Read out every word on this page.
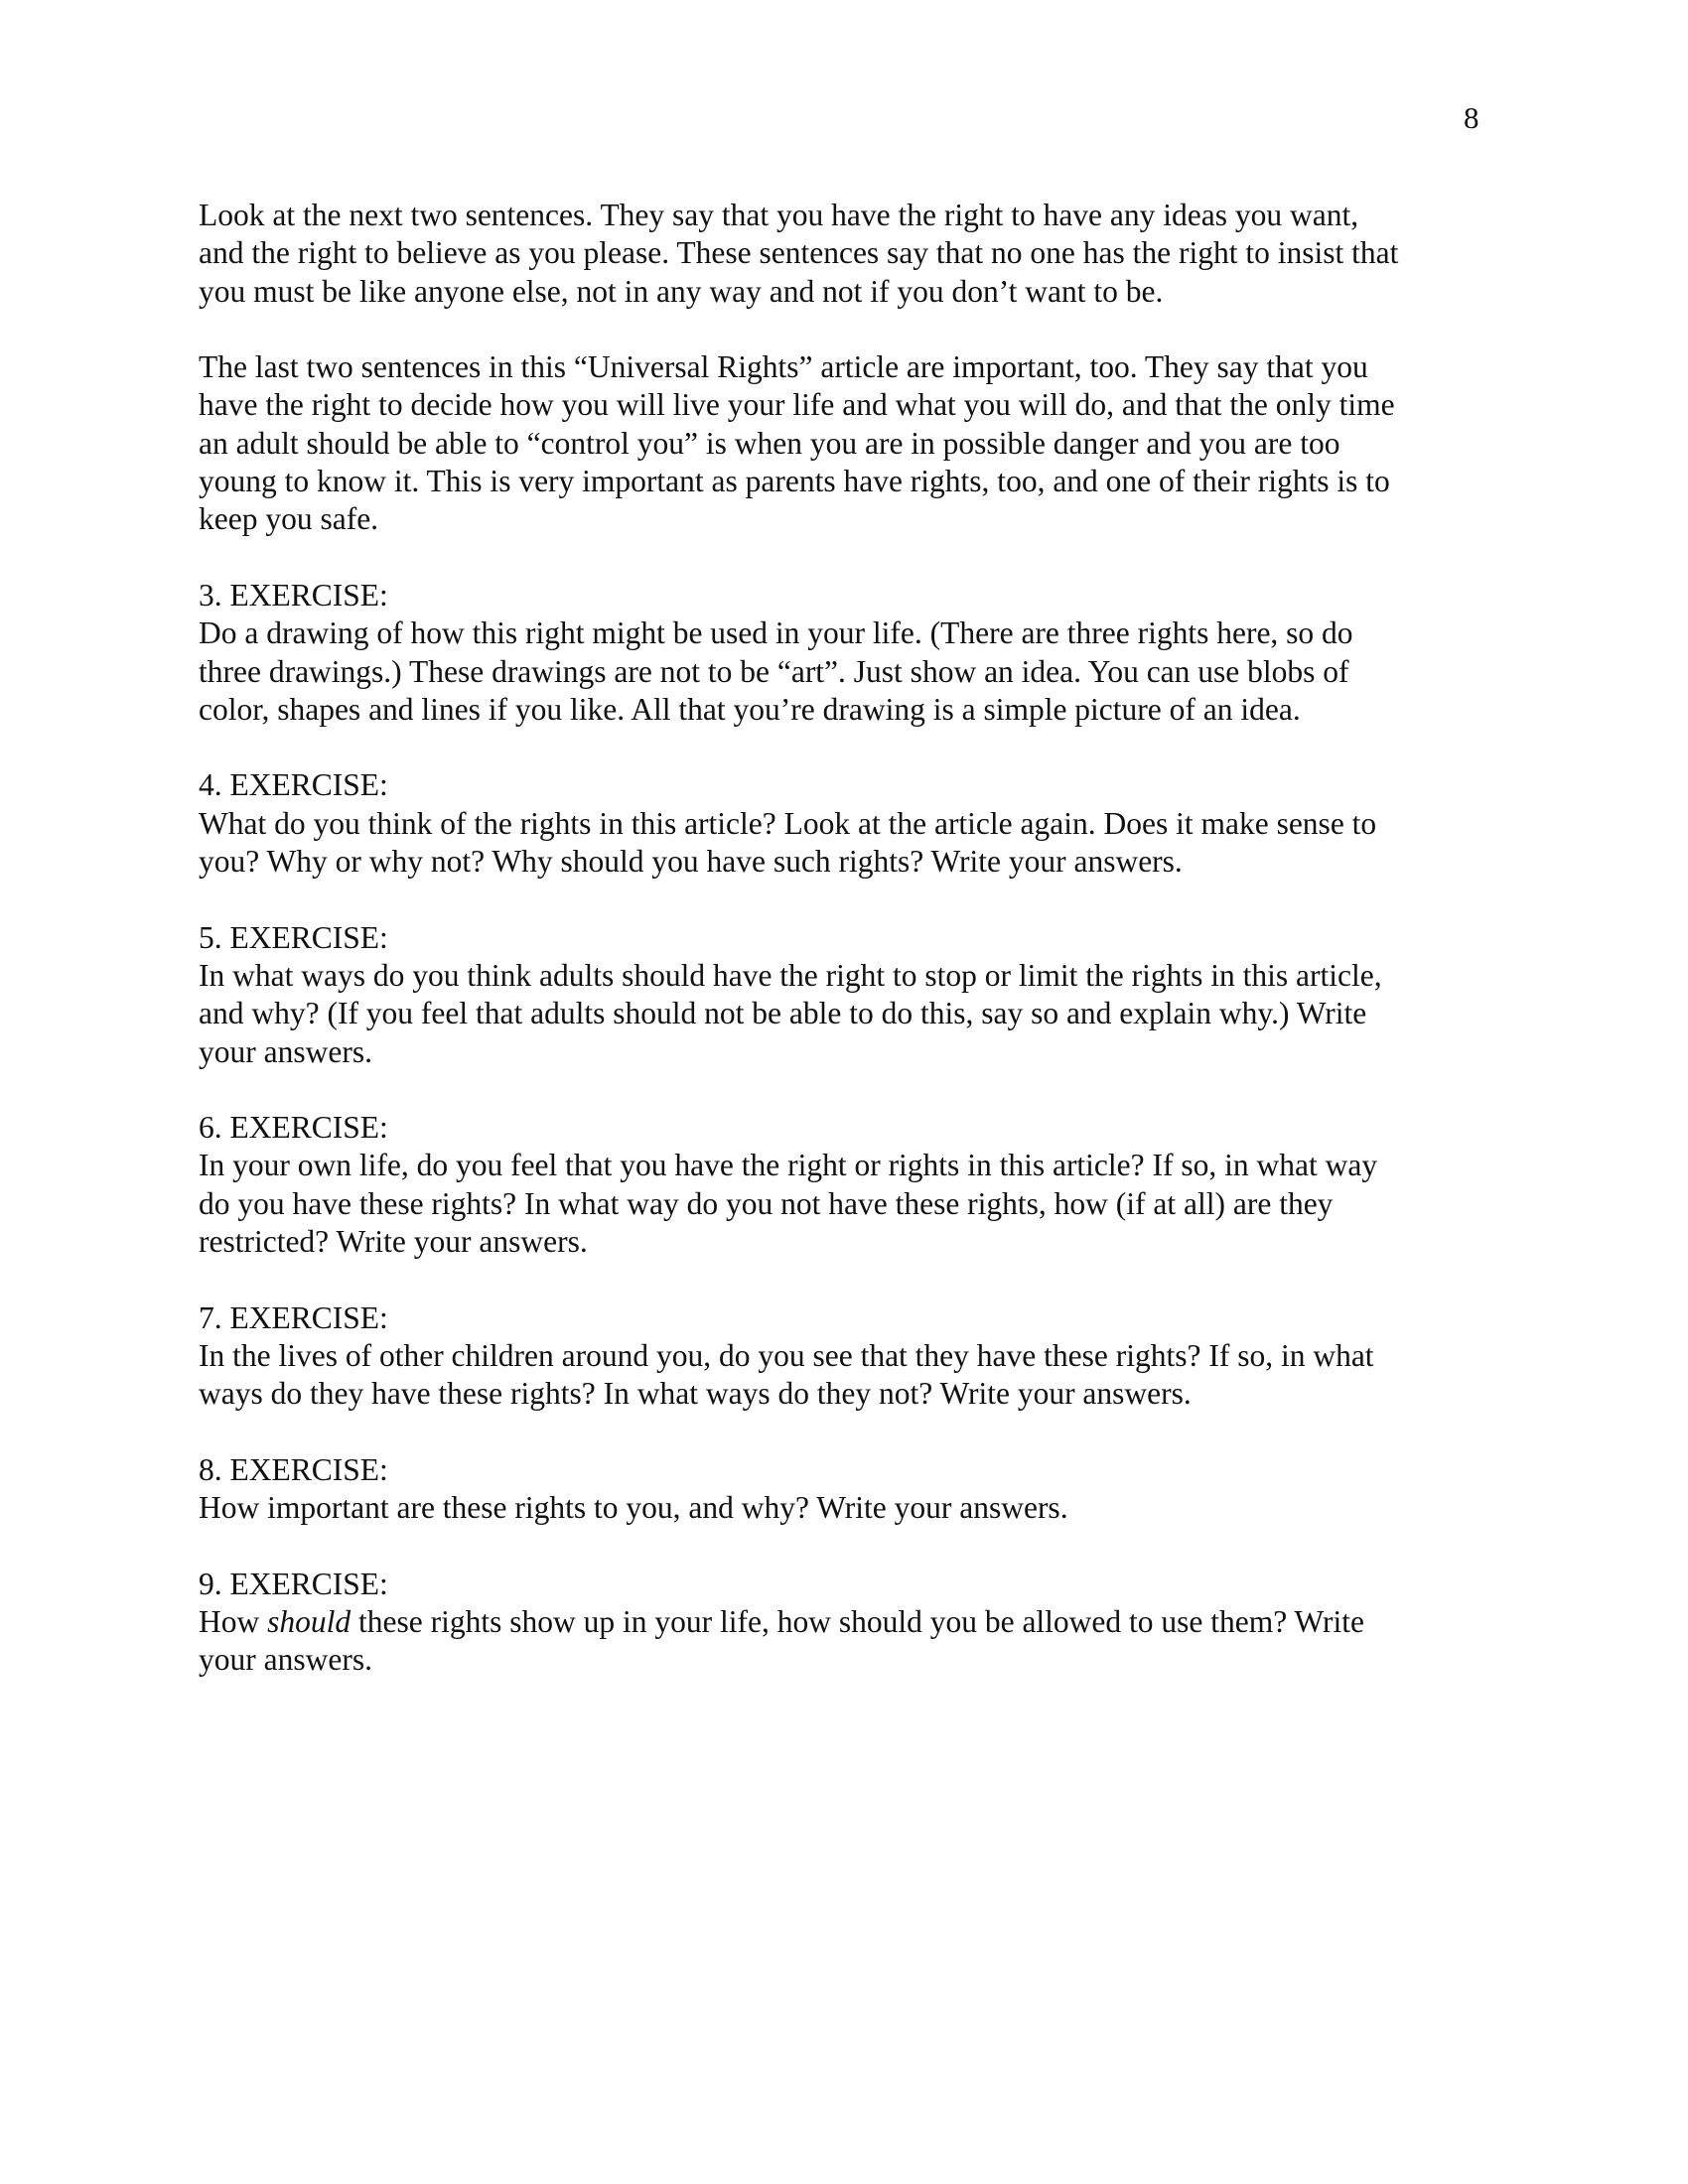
8
Look at the next two sentences. They say that you have the right to have any ideas you want,
and the right to believe as you please. These sentences say that no one has the right to insist that
you must be like anyone else, not in any way and not if you don’t want to be.
The last two sentences in this “Universal Rights” article are important, too. They say that you
have the right to decide how you will live your life and what you will do, and that the only time
an adult should be able to “control you” is when you are in possible danger and you are too
young to know it. This is very important as parents have rights, too, and one of their rights is to
keep you safe.
3. EXERCISE:
Do a drawing of how this right might be used in your life. (There are three rights here, so do
three drawings.) These drawings are not to be “art”. Just show an idea. You can use blobs of
color, shapes and lines if you like. All that you’re drawing is a simple picture of an idea.
4. EXERCISE:
What do you think of the rights in this article? Look at the article again. Does it make sense to
you? Why or why not? Why should you have such rights? Write your answers.
5. EXERCISE:
In what ways do you think adults should have the right to stop or limit the rights in this article,
and why? (If you feel that adults should not be able to do this, say so and explain why.) Write
your answers.
6. EXERCISE:
In your own life, do you feel that you have the right or rights in this article? If so, in what way
do you have these rights? In what way do you not have these rights, how (if at all) are they
restricted? Write your answers.
7. EXERCISE:
In the lives of other children around you, do you see that they have these rights? If so, in what
ways do they have these rights? In what ways do they not? Write your answers.
8. EXERCISE:
How important are these rights to you, and why? Write your answers.
9. EXERCISE:
How should these rights show up in your life, how should you be allowed to use them? Write
your answers.
